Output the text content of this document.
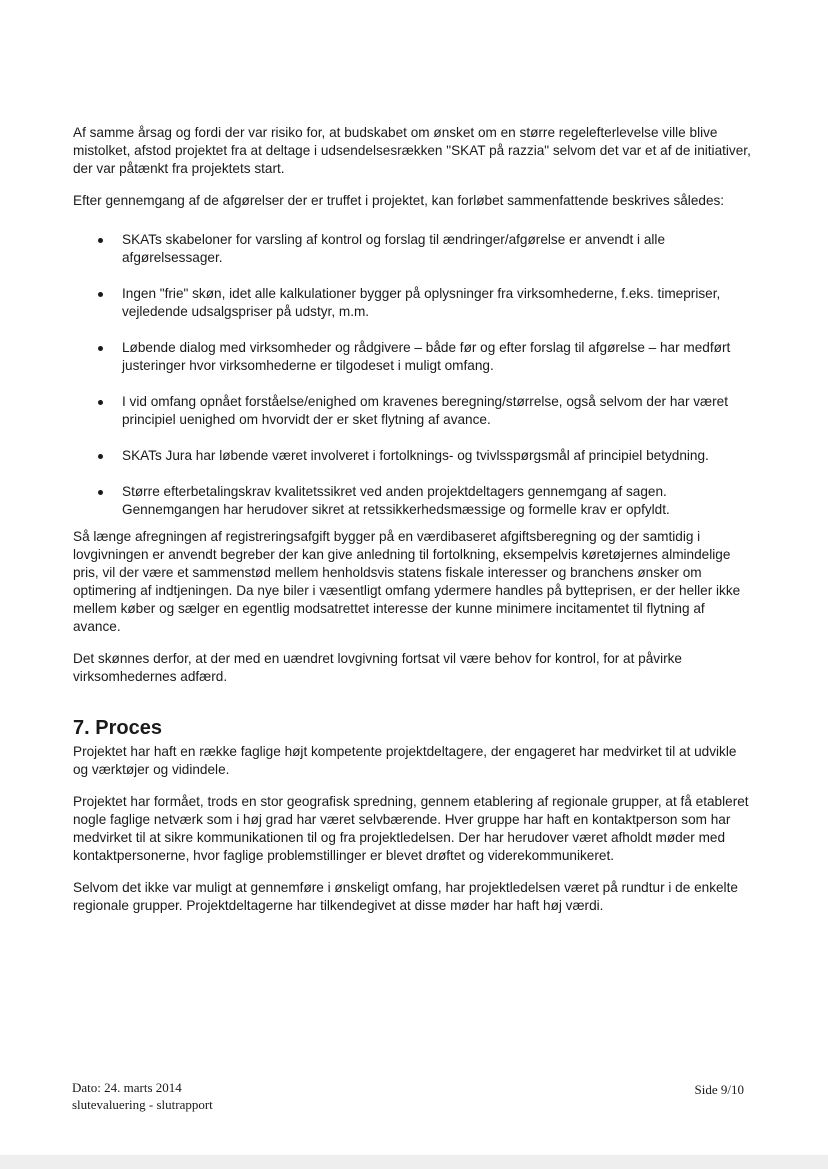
Af samme årsag og fordi der var risiko for, at budskabet om ønsket om en større regelefterlevelse ville blive mistolket, afstod projektet fra at deltage i udsendelsesrækken "SKAT på razzia" selvom det var et af de initiativer, der var påtænkt fra projektets start.

Efter gennemgang af de afgørelser der er truffet i projektet, kan forløbet sammenfattende beskrives således:

SKATs skabeloner for varsling af kontrol og forslag til ændringer/afgørelse er anvendt i alle afgørelsessager.
Ingen "frie" skøn, idet alle kalkulationer bygger på oplysninger fra virksomhederne, f.eks. timepriser, vejledende udsalgspriser på udstyr, m.m.
Løbende dialog med virksomheder og rådgivere – både før og efter forslag til afgørelse – har medført justeringer hvor virksomhederne er tilgodeset i muligt omfang.
I vid omfang opnået forståelse/enighed om kravenes beregning/størrelse, også selvom der har været principiel uenighed om hvorvidt der er sket flytning af avance.
SKATs Jura har løbende været involveret i fortolknings- og tvivlsspørgsmål af principiel betydning.
Større efterbetalingskrav kvalitetssikret ved anden projektdeltagers gennemgang af sagen. Gennemgangen har herudover sikret at retssikkerhedsmæssige og formelle krav er opfyldt.

Så længe afregningen af registreringsafgift bygger på en værdibaseret afgiftsberegning og der samtidig i lovgivningen er anvendt begreber der kan give anledning til fortolkning, eksempelvis køretøjernes almindelige pris, vil der være et sammenstød mellem henholdsvis statens fiskale interesser og branchens ønsker om optimering af indtjeningen. Da nye biler i væsentligt omfang ydermere handles på bytteprisen, er der heller ikke mellem køber og sælger en egentlig modsatrettet interesse der kunne minimere incitamentet til flytning af avance.

Det skønnes derfor, at der med en uændret lovgivning fortsat vil være behov for kontrol, for at påvirke virksomhedernes adfærd.

7. Proces

Projektet har haft en række faglige højt kompetente projektdeltagere, der engageret har medvirket til at udvikle og værktøjer og vidindele.

Projektet har formået, trods en stor geografisk spredning, gennem etablering af regionale grupper, at få etableret nogle faglige netværk som i høj grad har været selvbærende. Hver gruppe har haft en kontaktperson som har medvirket til at sikre kommunikationen til og fra projektledelsen. Der har herudover været afholdt møder med kontaktpersonerne, hvor faglige problemstillinger er blevet drøftet og viderekommunikeret.

Selvom det ikke var muligt at gennemføre i ønskeligt omfang, har projektledelsen været på rundtur i de enkelte regionale grupper. Projektdeltagerne har tilkendegivet at disse møder har haft høj værdi.

Dato: 24. marts 2014
slutevaluering - slutrapport
Side 9/10
